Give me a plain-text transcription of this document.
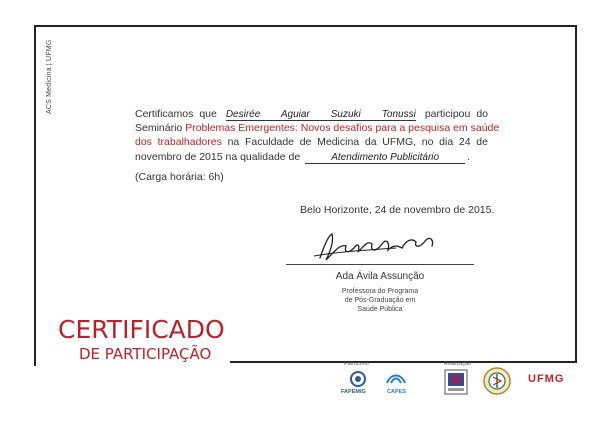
ACS Medicina | UFMG	Certificamos que Desirée Aguiar Suzuki Tonussi participou do
Seminário Problemas Emergentes: Novos desafios para a pesquisa em saúde
dos trabalhadores na Faculdade de Medicina da UFMG, no dia 24 de
novembro de 2015 na qualidade de	Atendimento Publicitário	.
(Carga horária: 6h)
Belo Horizonte, 24 de novembro de 2015.
Ada Ávila Assunção
Professora do Programa
de Pós-Graduação em
Saúde Pública
CERTIFICADO
DE PARTICIPAÇÃO
Patrocínio
FAPEMIG	CAPES
Realização
UFMG
